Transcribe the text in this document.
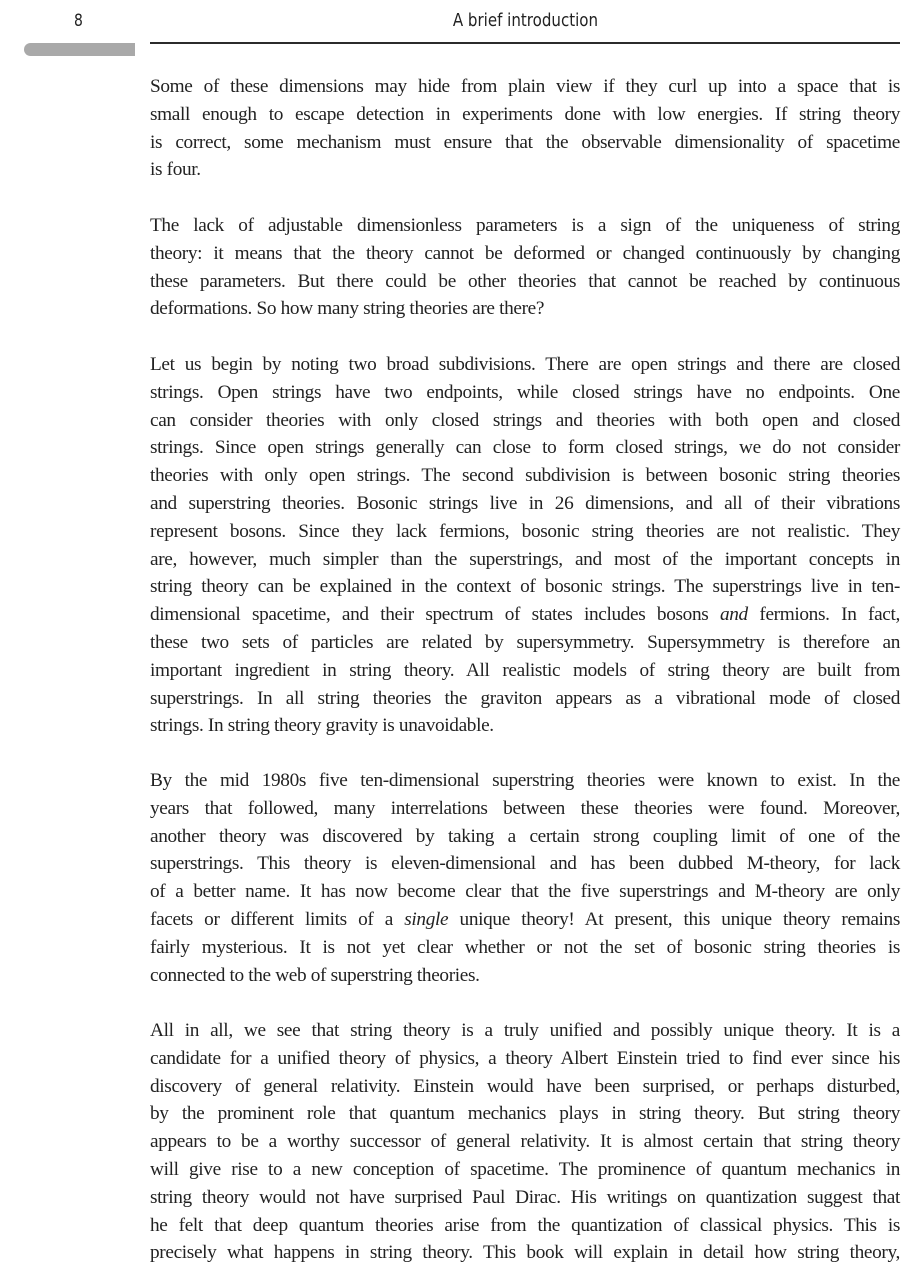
8	A brief introduction
Some of these dimensions may hide from plain view if they curl up into a space that is
small enough to escape detection in experiments done with low energies. If string theory
is correct, some mechanism must ensure that the observable dimensionality of spacetime
is four.
The lack of adjustable dimensionless parameters is a sign of the uniqueness of string
theory: it means that the theory cannot be deformed or changed continuously by changing
these parameters. But there could be other theories that cannot be reached by continuous
deformations. So how many string theories are there?
Let us begin by noting two broad subdivisions. There are open strings and there are closed
strings. Open strings have two endpoints, while closed strings have no endpoints. One
can consider theories with only closed strings and theories with both open and closed
strings. Since open strings generally can close to form closed strings, we do not consider
theories with only open strings. The second subdivision is between bosonic string theories
and superstring theories. Bosonic strings live in 26 dimensions, and all of their vibrations
represent bosons. Since they lack fermions, bosonic string theories are not realistic. They
are, however, much simpler than the superstrings, and most of the important concepts in
string theory can be explained in the context of bosonic strings. The superstrings live in ten-
dimensional spacetime, and their spectrum of states includes bosons and fermions. In fact,
these two sets of particles are related by supersymmetry. Supersymmetry is therefore an
important ingredient in string theory. All realistic models of string theory are built from
superstrings. In all string theories the graviton appears as a vibrational mode of closed
strings. In string theory gravity is unavoidable.
By the mid 1980s five ten-dimensional superstring theories were known to exist. In the
years that followed, many interrelations between these theories were found. Moreover,
another theory was discovered by taking a certain strong coupling limit of one of the
superstrings. This theory is eleven-dimensional and has been dubbed M-theory, for lack
of a better name. It has now become clear that the five superstrings and M-theory are only
facets or different limits of a single unique theory! At present, this unique theory remains
fairly mysterious. It is not yet clear whether or not the set of bosonic string theories is
connected to the web of superstring theories.
All in all, we see that string theory is a truly unified and possibly unique theory. It is a
candidate for a unified theory of physics, a theory Albert Einstein tried to find ever since his
discovery of general relativity. Einstein would have been surprised, or perhaps disturbed,
by the prominent role that quantum mechanics plays in string theory. But string theory
appears to be a worthy successor of general relativity. It is almost certain that string theory
will give rise to a new conception of spacetime. The prominence of quantum mechanics in
string theory would not have surprised Paul Dirac. His writings on quantization suggest that
he felt that deep quantum theories arise from the quantization of classical physics. This is
precisely what happens in string theory. This book will explain in detail how string theory,
